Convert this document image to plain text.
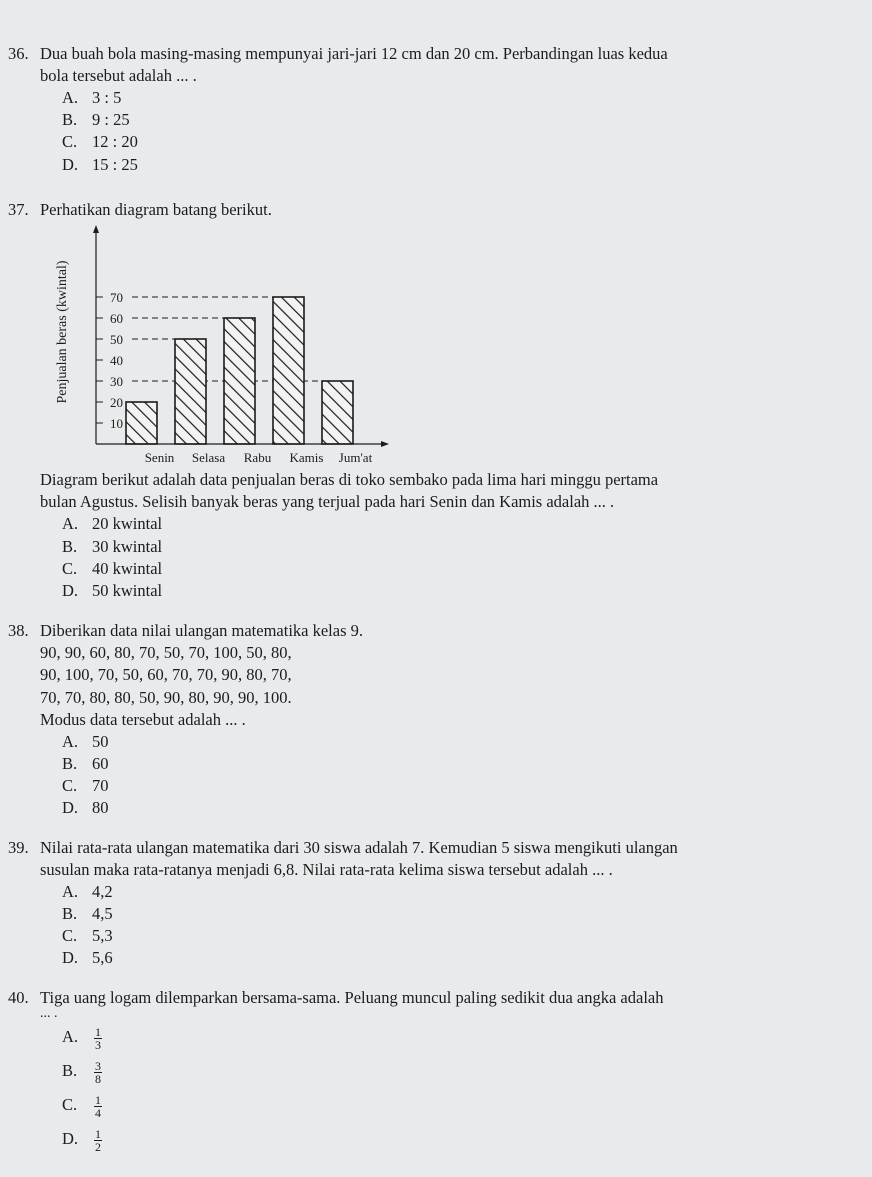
36. Dua buah bola masing-masing mempunyai jari-jari 12 cm dan 20 cm. Perbandingan luas kedua
bola tersebut adalah ... .
A. 3 : 5
B. 9 : 25
C. 12 : 20
D. 15 : 25
37. Perhatikan diagram batang berikut.
10
20
30
40
50
60
70
Senin Selasa Rabu Kamis Jum'at
Penjualan beras (kwintal)
Diagram berikut adalah data penjualan beras di toko sembako pada lima hari minggu pertama
bulan Agustus. Selisih banyak beras yang terjual pada hari Senin dan Kamis adalah ... .
A. 20 kwintal
B. 30 kwintal
C. 40 kwintal
D. 50 kwintal
38. Diberikan data nilai ulangan matematika kelas 9.
90, 90, 60, 80, 70, 50, 70, 100, 50, 80,
90, 100, 70, 50, 60, 70, 70, 90, 80, 70,
70, 70, 80, 80, 50, 90, 80, 90, 90, 100.
Modus data tersebut adalah ... .
A. 50
B. 60
C. 70
D. 80
39. Nilai rata-rata ulangan matematika dari 30 siswa adalah 7. Kemudian 5 siswa mengikuti ulangan
susulan maka rata-ratanya menjadi 6,8. Nilai rata-rata kelima siswa tersebut adalah ... .
A. 4,2
B. 4,5
C. 5,3
D. 5,6
40. Tiga uang logam dilemparkan bersama-sama. Peluang muncul paling sedikit dua angka adalah
... .
A. $\frac{1}{3}$
B. $\frac{3}{8}$
C. $\frac{1}{4}$
D. $\frac{1}{2}$
